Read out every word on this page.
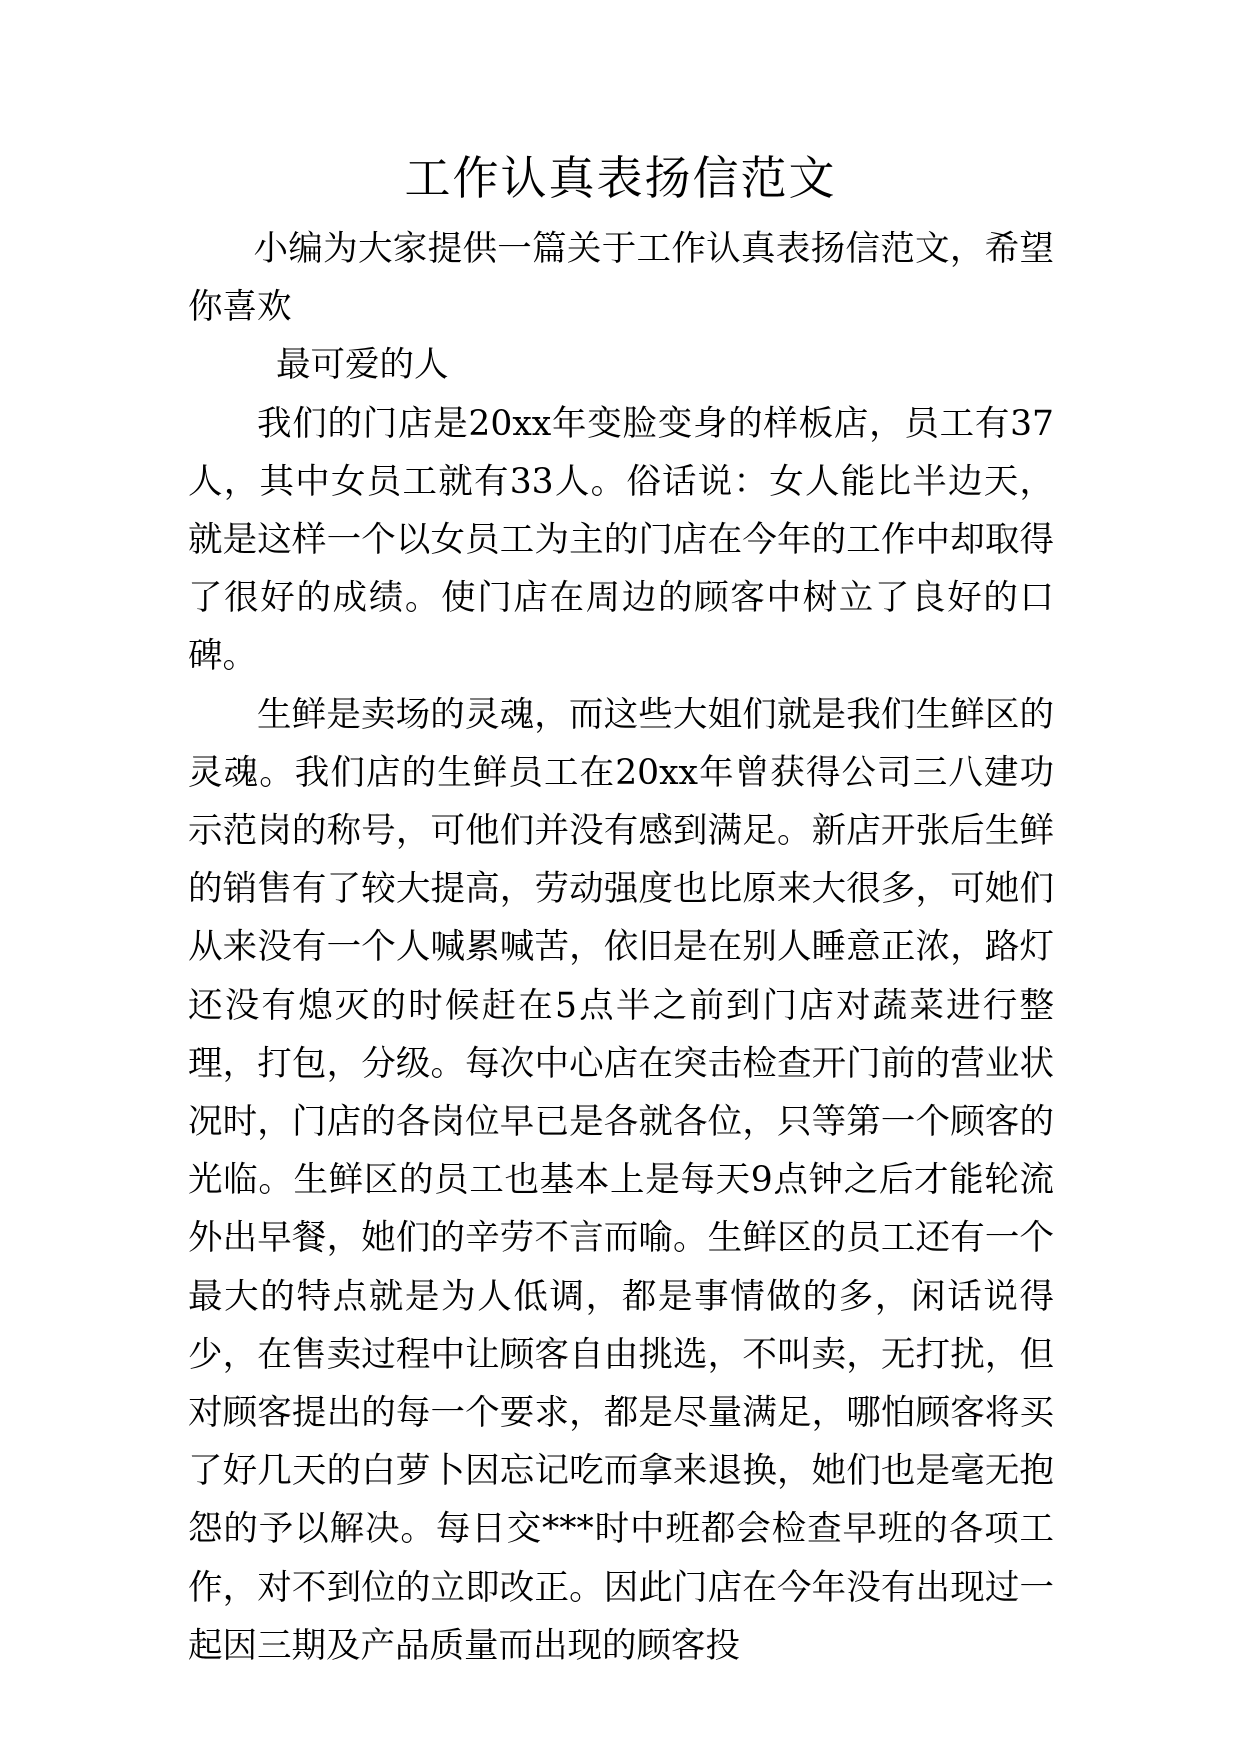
工作认真表扬信范文

小编为大家提供一篇关于工作认真表扬信范文，希望你喜欢

最可爱的人

我们的门店是20xx年变脸变身的样板店，员工有37人，其中女员工就有33人。俗话说：女人能比半边天，就是这样一个以女员工为主的门店在今年的工作中却取得了很好的成绩。使门店在周边的顾客中树立了良好的口碑。

生鲜是卖场的灵魂，而这些大姐们就是我们生鲜区的灵魂。我们店的生鲜员工在20xx年曾获得公司三八建功示范岗的称号，可他们并没有感到满足。新店开张后生鲜的销售有了较大提高，劳动强度也比原来大很多，可她们从来没有一个人喊累喊苦，依旧是在别人睡意正浓，路灯还没有熄灭的时候赶在5点半之前到门店对蔬菜进行整理，打包，分级。每次中心店在突击检查开门前的营业状况时，门店的各岗位早已是各就各位，只等第一个顾客的光临。生鲜区的员工也基本上是每天9点钟之后才能轮流外出早餐，她们的辛劳不言而喻。生鲜区的员工还有一个最大的特点就是为人低调，都是事情做的多，闲话说得少，在售卖过程中让顾客自由挑选，不叫卖，无打扰，但对顾客提出的每一个要求，都是尽量满足，哪怕顾客将买了好几天的白萝卜因忘记吃而拿来退换，她们也是毫无抱怨的予以解决。每日交***时中班都会检查早班的各项工作，对不到位的立即改正。因此门店在今年没有出现过一起因三期及产品质量而出现的顾客投
